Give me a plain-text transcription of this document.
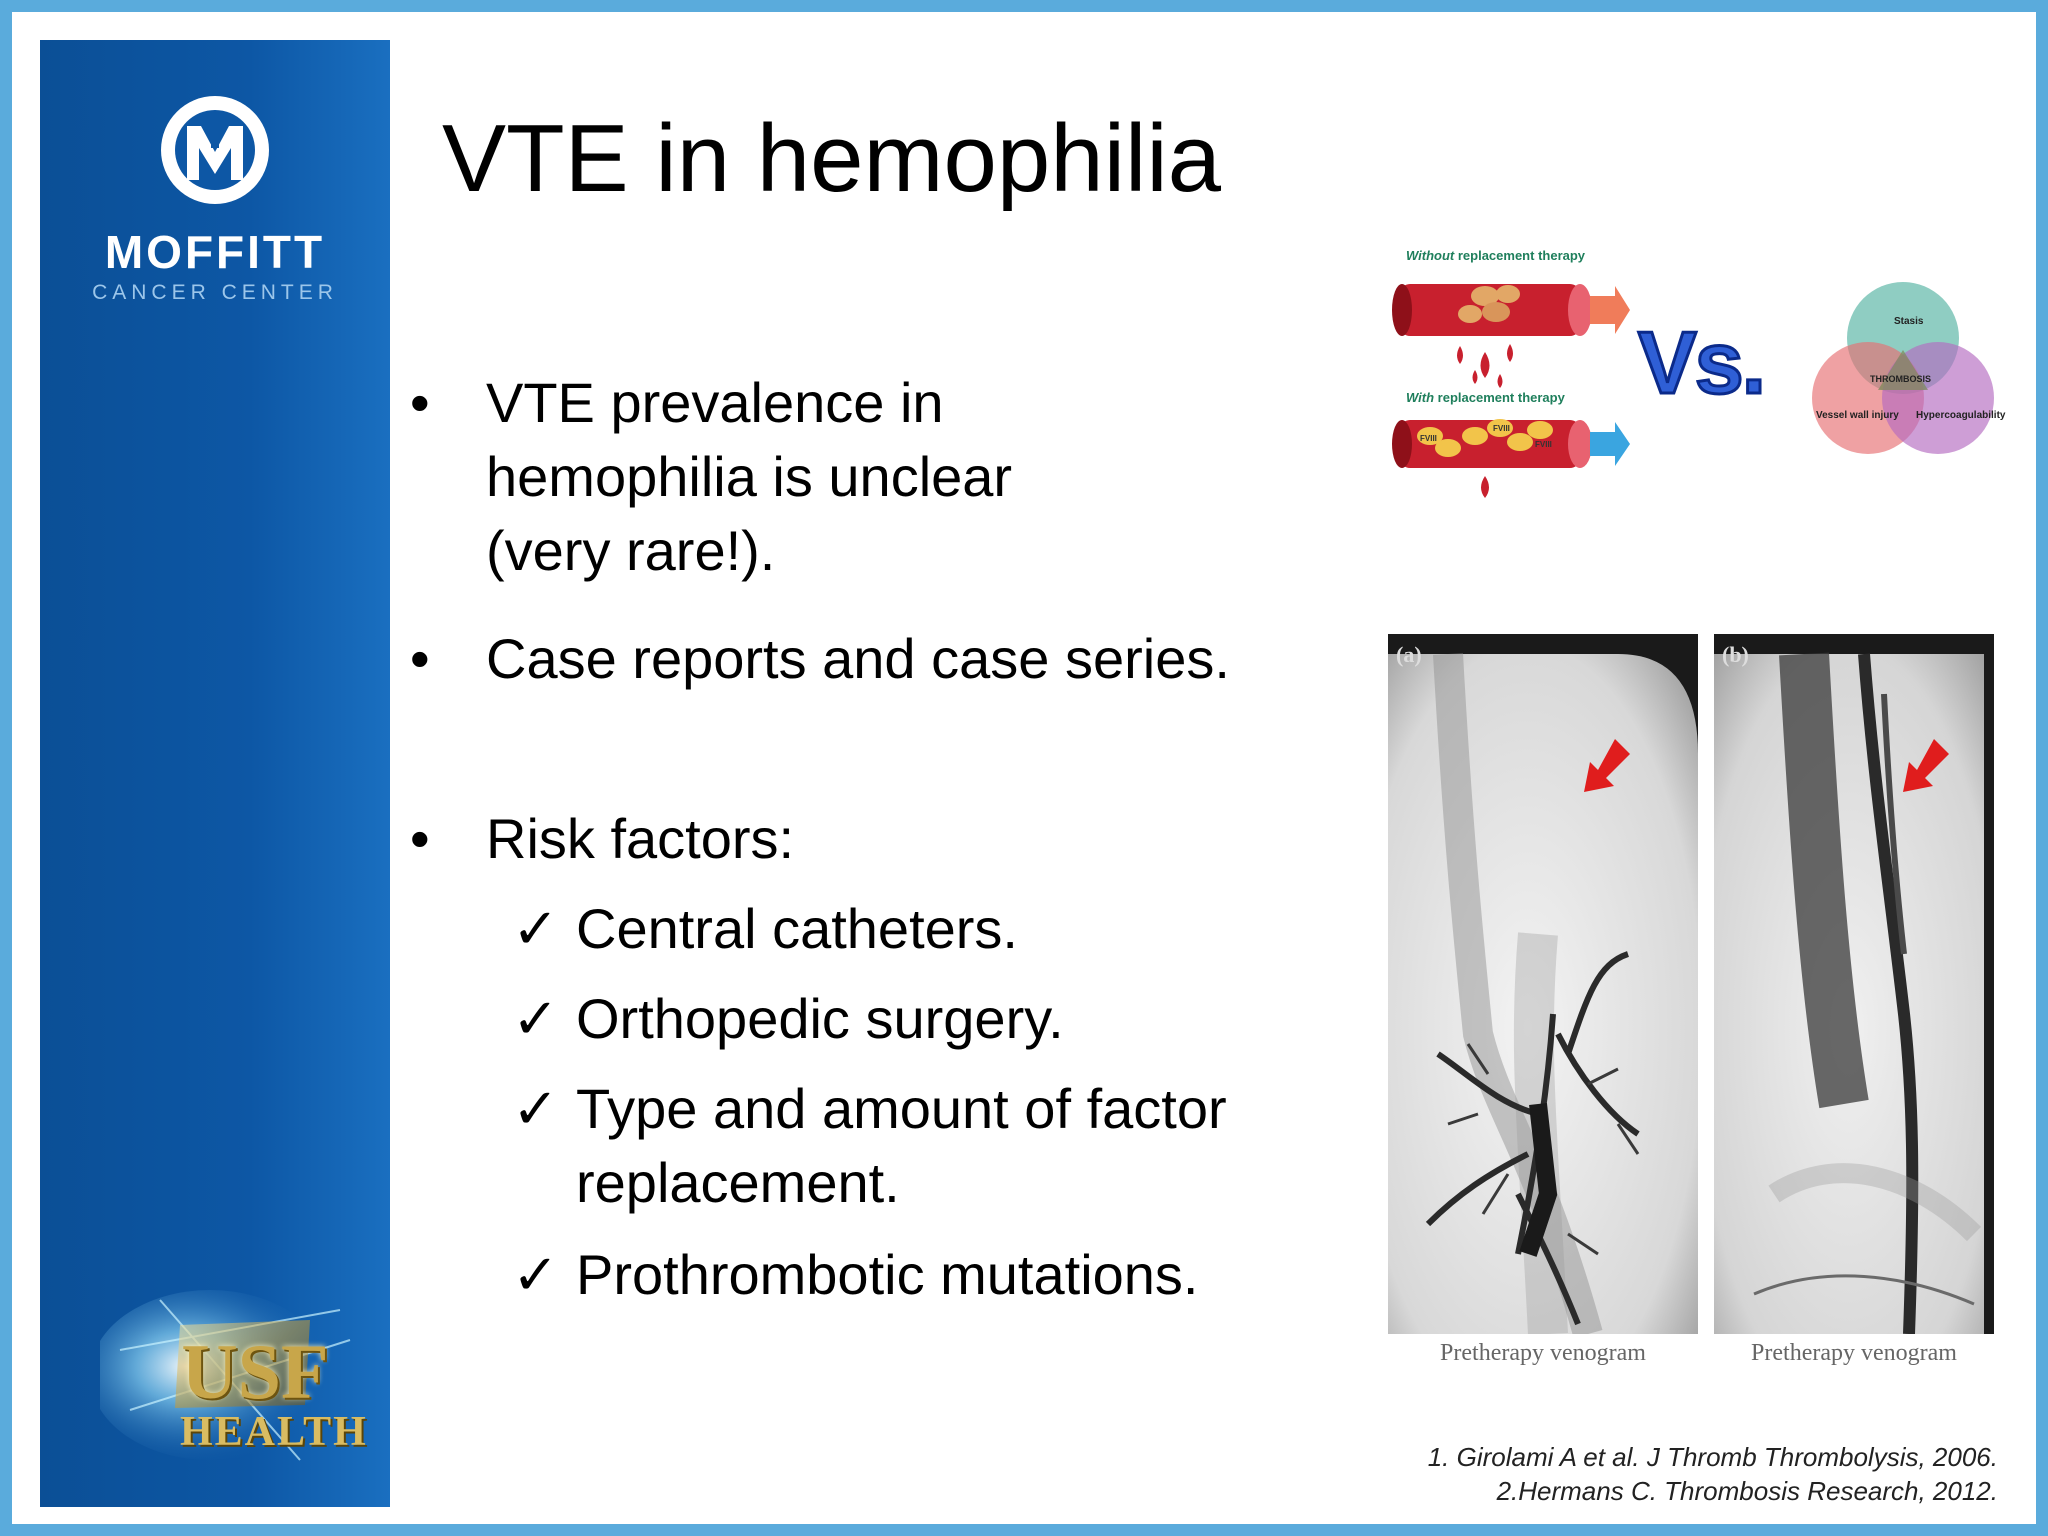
MOFFITT
CANCER CENTER
USF
HEALTH
VTE in hemophilia
•	VTE prevalence in hemophilia is unclear (very rare!).
•	Case reports and case series.
•	Risk factors:
✓ Central catheters.
✓ Orthopedic surgery.
✓ Type and amount of factor replacement.
✓ Prothrombotic mutations.
Without replacement therapy
With replacement therapy
FVIII
FVIII
FVIII
Vs.	Stasis
THROMBOSIS
Vessel wall injury Hypercoagulability
(a)
Pretherapy venogram
(b)
Pretherapy venogram
1. Girolami A et al. J Thromb Thrombolysis, 2006.
2.Hermans C. Thrombosis Research, 2012.
